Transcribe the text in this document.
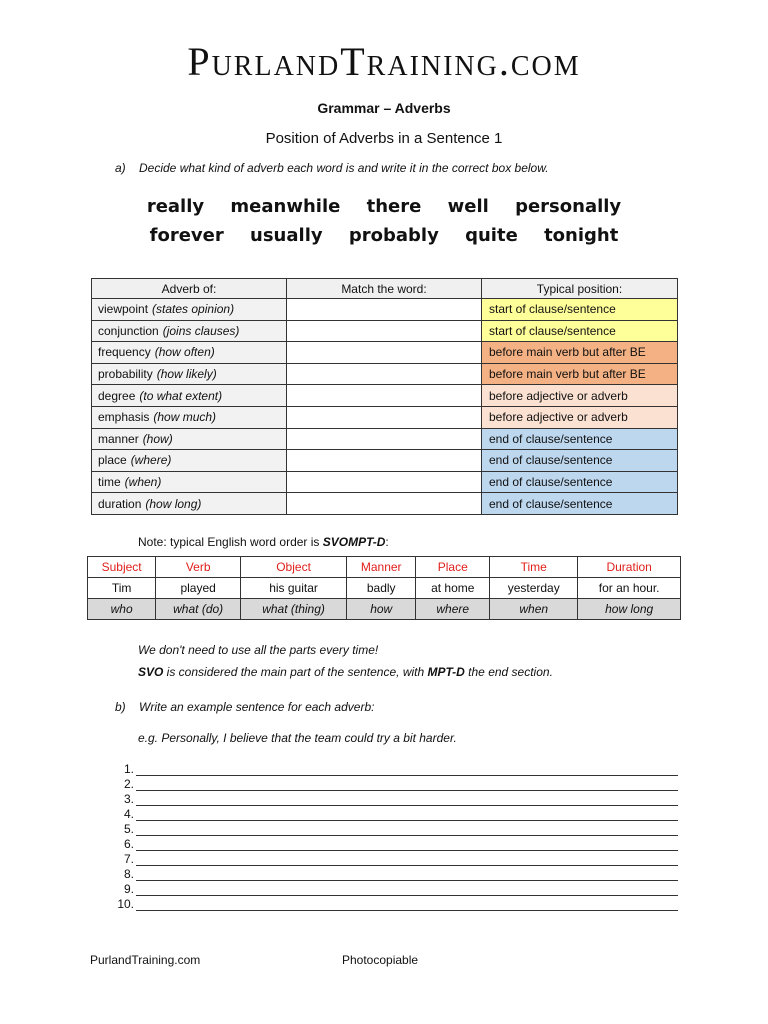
PurlandTraining.com
Grammar – Adverbs
Position of Adverbs in a Sentence 1
a) Decide what kind of adverb each word is and write it in the correct box below.
really meanwhile there well personally
forever usually probably quite tonight
Adverb of:	Match the word:	Typical position:
viewpoint (states opinion)		start of clause/sentence
conjunction (joins clauses)		start of clause/sentence
frequency (how often)		before main verb but after BE
probability (how likely)		before main verb but after BE
degree (to what extent)		before adjective or adverb
emphasis (how much)		before adjective or adverb
manner (how)		end of clause/sentence
place (where)		end of clause/sentence
time (when)		end of clause/sentence
duration (how long)		end of clause/sentence
Note: typical English word order is SVOMPT-D:
Subject	Verb	Object	Manner	Place	Time	Duration
Tim	played	his guitar	badly	at home	yesterday	for an hour.
who	what (do)	what (thing)	how	where	when	how long
We don't need to use all the parts every time!
SVO is considered the main part of the sentence, with MPT-D the end section.
b) Write an example sentence for each adverb:
e.g. Personally, I believe that the team could try a bit harder.
1.
2.
3.
4.
5.
6.
7.
8.
9.
10.
PurlandTraining.com	Photocopiable
